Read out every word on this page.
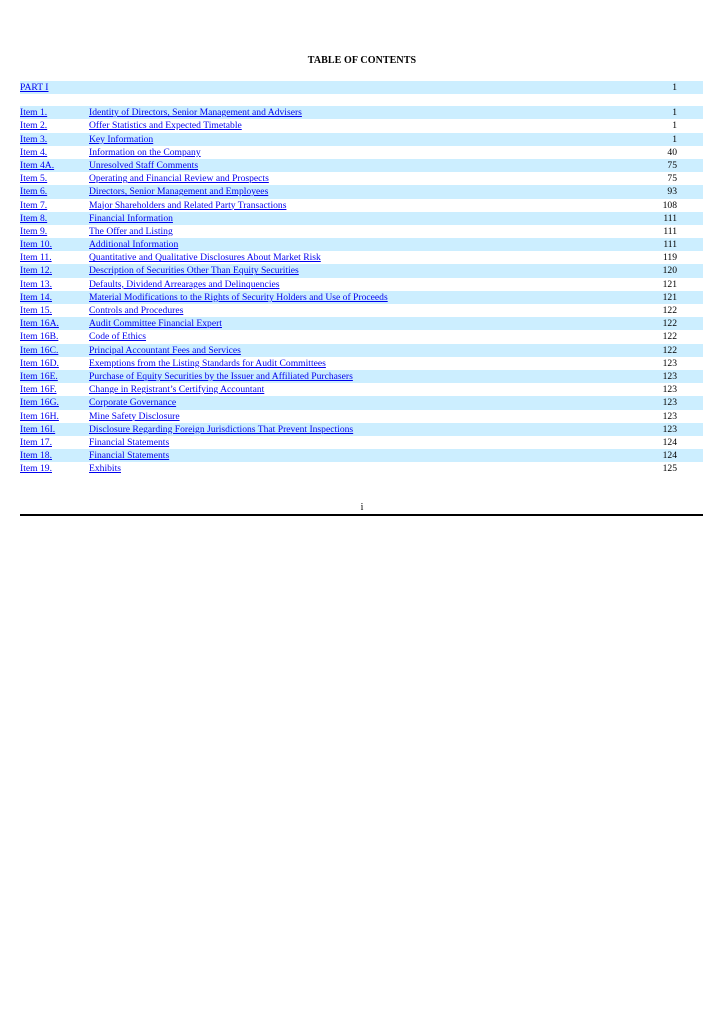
TABLE OF CONTENTS
PART I	1
Item 1.	Identity of Directors, Senior Management and Advisers	1
Item 2.	Offer Statistics and Expected Timetable	1
Item 3.	Key Information	1
Item 4.	Information on the Company	40
Item 4A.	Unresolved Staff Comments	75
Item 5.	Operating and Financial Review and Prospects	75
Item 6.	Directors, Senior Management and Employees	93
Item 7.	Major Shareholders and Related Party Transactions	108
Item 8.	Financial Information	111
Item 9.	The Offer and Listing	111
Item 10.	Additional Information	111
Item 11.	Quantitative and Qualitative Disclosures About Market Risk	119
Item 12.	Description of Securities Other Than Equity Securities	120
Item 13.	Defaults, Dividend Arrearages and Delinquencies	121
Item 14.	Material Modifications to the Rights of Security Holders and Use of Proceeds	121
Item 15.	Controls and Procedures	122
Item 16A.	Audit Committee Financial Expert	122
Item 16B.	Code of Ethics	122
Item 16C.	Principal Accountant Fees and Services	122
Item 16D.	Exemptions from the Listing Standards for Audit Committees	123
Item 16E.	Purchase of Equity Securities by the Issuer and Affiliated Purchasers	123
Item 16F.	Change in Registrant’s Certifying Accountant	123
Item 16G.	Corporate Governance	123
Item 16H.	Mine Safety Disclosure	123
Item 16I.	Disclosure Regarding Foreign Jurisdictions That Prevent Inspections	123
Item 17.	Financial Statements	124
Item 18.	Financial Statements	124
Item 19.	Exhibits	125
i
